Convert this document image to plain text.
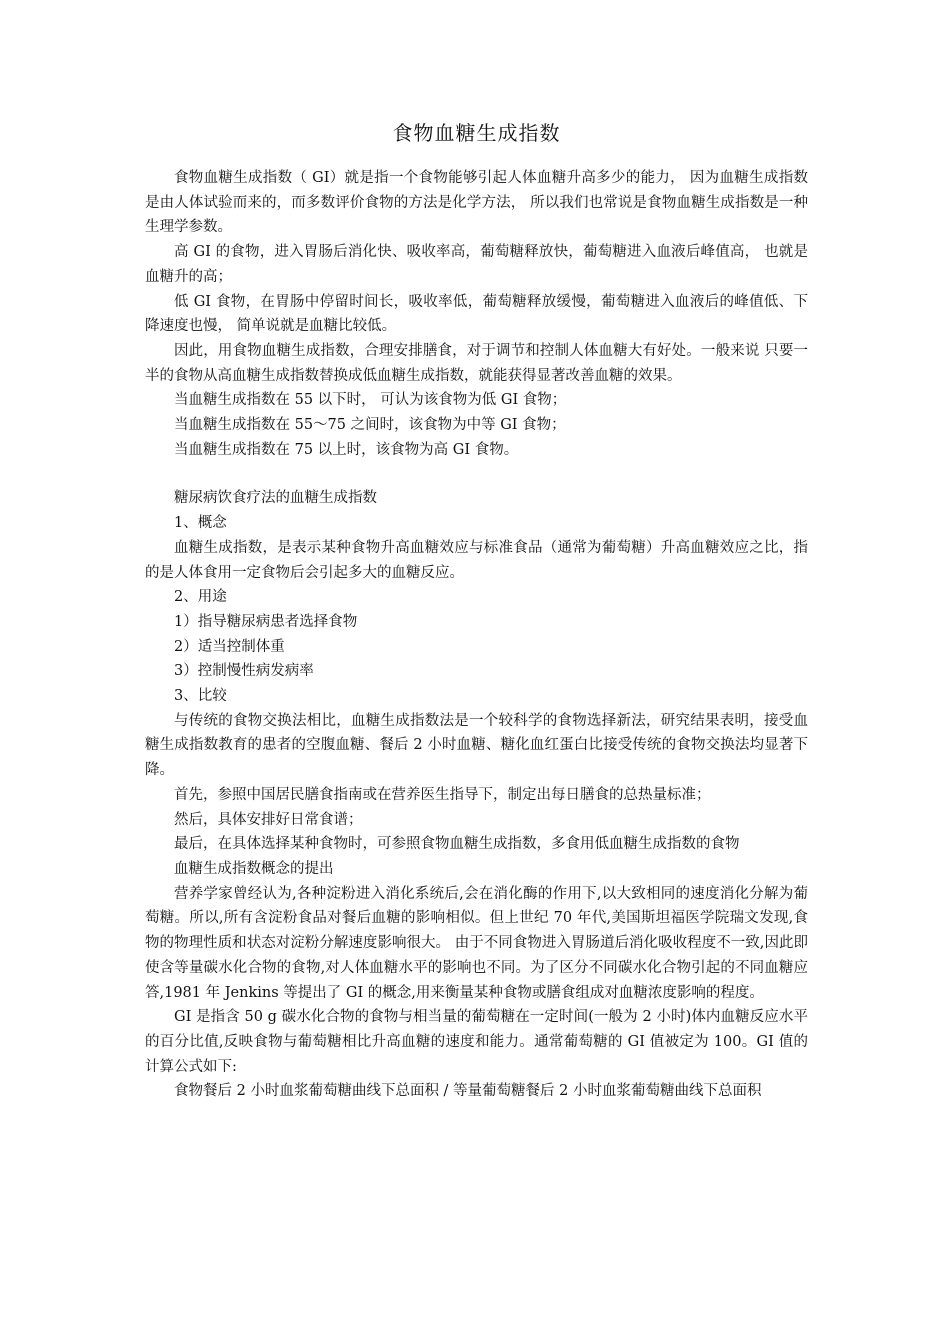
食物血糖生成指数

食物血糖生成指数（ GI）就是指一个食物能够引起人体血糖升高多少的能力， 因为血糖生成指数是由人体试验而来的，而多数评价食物的方法是化学方法， 所以我们也常说是食物血糖生成指数是一种生理学参数。

高 GI 的食物，进入胃肠后消化快、吸收率高，葡萄糖释放快，葡萄糖进入血液后峰值高， 也就是血糖升的高；

低 GI 食物，在胃肠中停留时间长，吸收率低，葡萄糖释放缓慢，葡萄糖进入血液后的峰值低、下降速度也慢， 简单说就是血糖比较低。

因此，用食物血糖生成指数，合理安排膳食，对于调节和控制人体血糖大有好处。一般来说 只要一半的食物从高血糖生成指数替换成低血糖生成指数，就能获得显著改善血糖的效果。

当血糖生成指数在 55 以下时， 可认为该食物为低 GI 食物；

当血糖生成指数在 55～75 之间时，该食物为中等 GI 食物；

当血糖生成指数在 75 以上时，该食物为高 GI 食物。

糖尿病饮食疗法的血糖生成指数

1、概念

血糖生成指数，是表示某种食物升高血糖效应与标准食品（通常为葡萄糖）升高血糖效应之比，指的是人体食用一定食物后会引起多大的血糖反应。

2、用途

1）指导糖尿病患者选择食物

2）适当控制体重

3）控制慢性病发病率

3、比较

与传统的食物交换法相比，血糖生成指数法是一个较科学的食物选择新法，研究结果表明，接受血糖生成指数教育的患者的空腹血糖、餐后 2 小时血糖、糖化血红蛋白比接受传统的食物交换法均显著下降。

首先，参照中国居民膳食指南或在营养医生指导下，制定出每日膳食的总热量标准；

然后，具体安排好日常食谱；

最后，在具体选择某种食物时，可参照食物血糖生成指数，多食用低血糖生成指数的食物

血糖生成指数概念的提出

营养学家曾经认为,各种淀粉进入消化系统后,会在消化酶的作用下,以大致相同的速度消化分解为葡萄糖。所以,所有含淀粉食品对餐后血糖的影响相似。但上世纪 70 年代,美国斯坦福医学院瑞文发现,食物的物理性质和状态对淀粉分解速度影响很大。 由于不同食物进入胃肠道后消化吸收程度不一致,因此即使含等量碳水化合物的食物,对人体血糖水平的影响也不同。为了区分不同碳水化合物引起的不同血糖应答,1981 年 Jenkins 等提出了 GI 的概念,用来衡量某种食物或膳食组成对血糖浓度影响的程度。

GI 是指含 50 g 碳水化合物的食物与相当量的葡萄糖在一定时间(一般为 2 小时)体内血糖反应水平的百分比值,反映食物与葡萄糖相比升高血糖的速度和能力。通常葡萄糖的 GI 值被定为 100。GI 值的计算公式如下:

食物餐后 2 小时血浆葡萄糖曲线下总面积 / 等量葡萄糖餐后 2 小时血浆葡萄糖曲线下总面积
